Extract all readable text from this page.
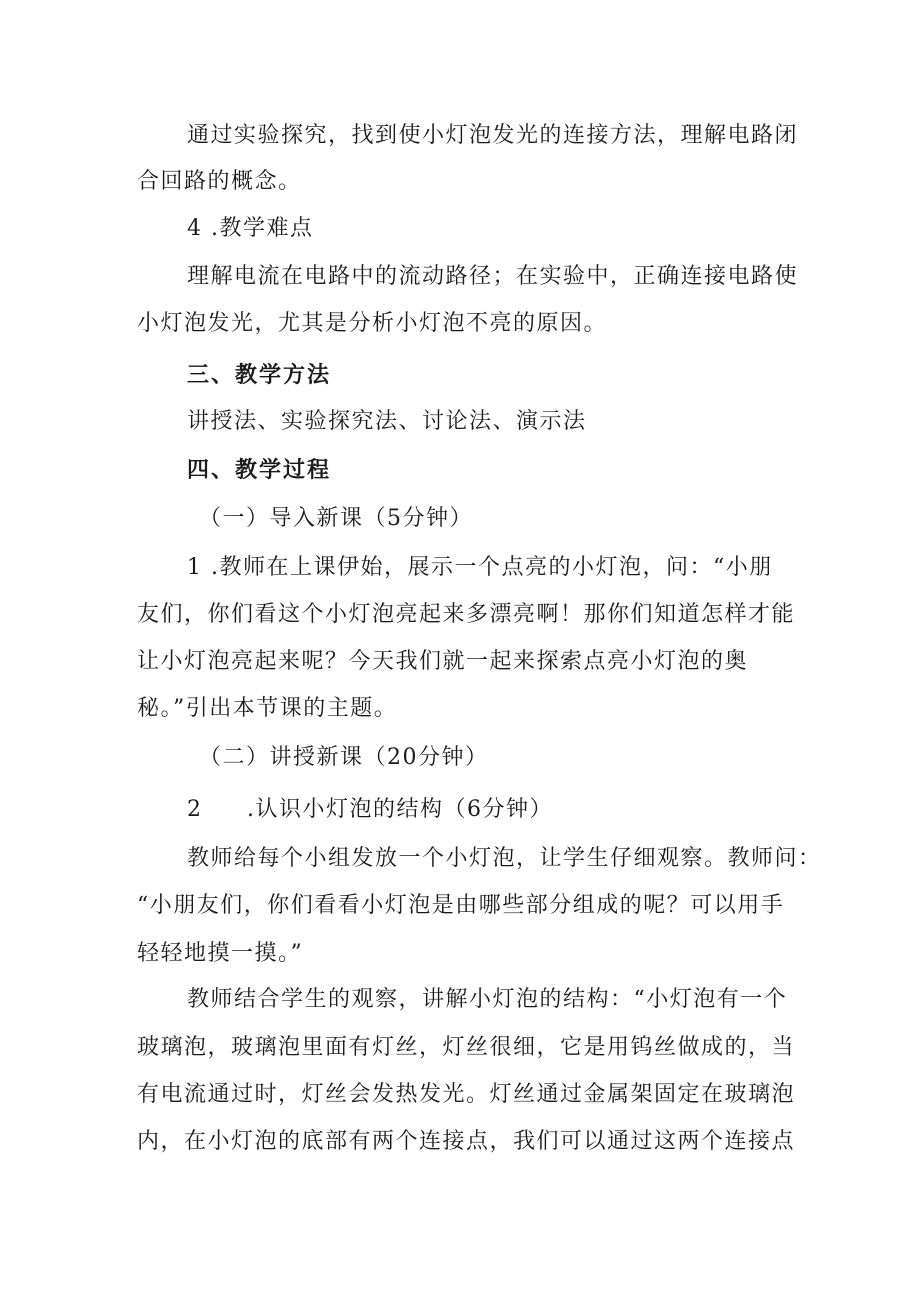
通过实验探究，找到使小灯泡发光的连接方法，理解电路闭
合回路的概念。
4 .教学难点
理解电流在电路中的流动路径；在实验中，正确连接电路使
小灯泡发光，尤其是分析小灯泡不亮的原因。
三、教学方法
讲授法、实验探究法、讨论法、演示法
四、教学过程
（一）导入新课（5分钟）
1 .教师在上课伊始，展示一个点亮的小灯泡，问：“小朋
友们，你们看这个小灯泡亮起来多漂亮啊！那你们知道怎样才能
让小灯泡亮起来呢？今天我们就一起来探索点亮小灯泡的奥
秘。”引出本节课的主题。
（二）讲授新课（20分钟）
2 .认识小灯泡的结构（6分钟）
教师给每个小组发放一个小灯泡，让学生仔细观察。教师问：
“小朋友们，你们看看小灯泡是由哪些部分组成的呢？可以用手
轻轻地摸一摸。”
教师结合学生的观察，讲解小灯泡的结构：“小灯泡有一个
玻璃泡，玻璃泡里面有灯丝，灯丝很细，它是用钨丝做成的，当
有电流通过时，灯丝会发热发光。灯丝通过金属架固定在玻璃泡
内，在小灯泡的底部有两个连接点，我们可以通过这两个连接点
